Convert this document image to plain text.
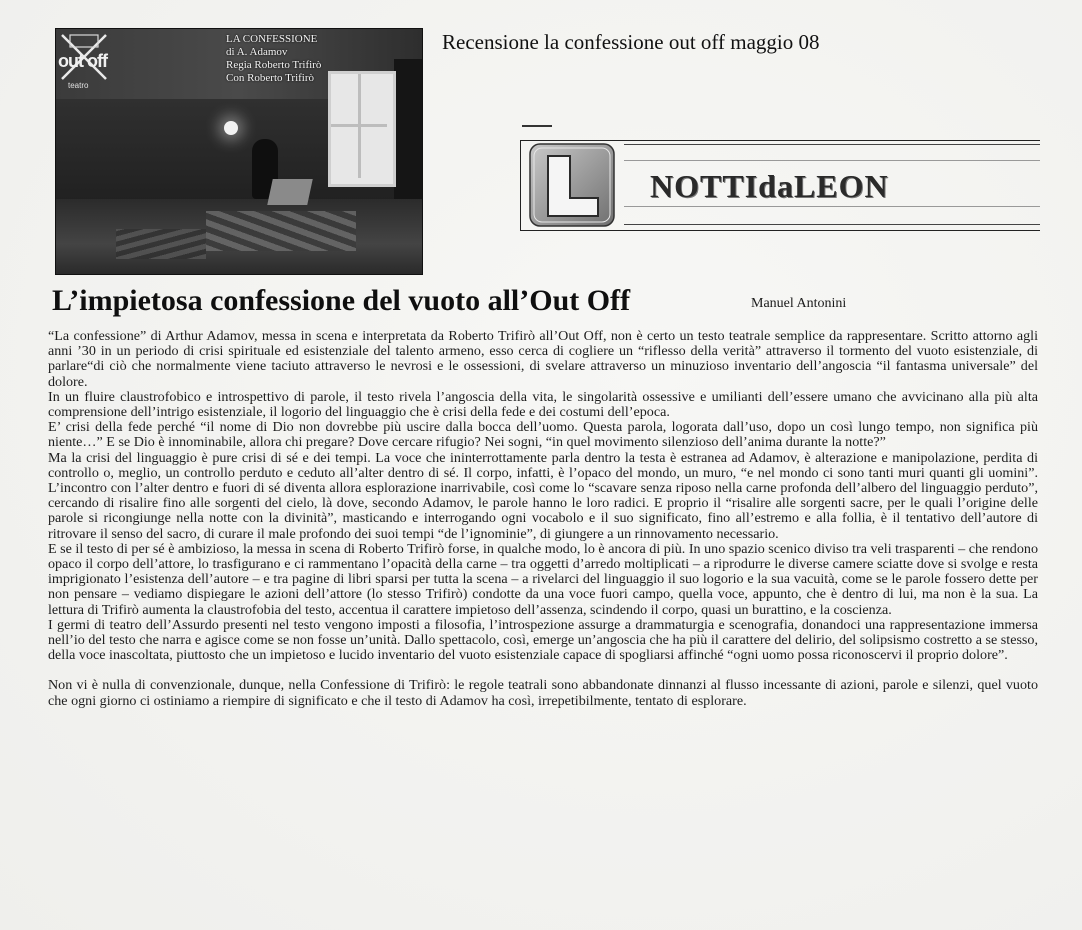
out off
teatro
LA CONFESSIONE
di A. Adamov
Regia Roberto Trifirò
Con Roberto Trifirò
Recensione la confessione out off maggio 08
NOTTIdaLEON
L’impietosa confessione del vuoto all’Out Off	Manuel Antonini

“La confessione” di Arthur Adamov, messa in scena e interpretata da Roberto Trifirò all’Out Off, non è certo un testo teatrale semplice da rappresentare. Scritto attorno agli anni ’30 in un periodo di crisi spirituale ed esistenziale del talento armeno, esso cerca di cogliere un “riflesso della verità” attraverso il tormento del vuoto esistenziale, di parlare“di ciò che normalmente viene taciuto attraverso le nevrosi e le ossessioni, di svelare attraverso un minuzioso inventario dell’angoscia “il fantasma universale” del dolore.

In un fluire claustrofobico e introspettivo di parole, il testo rivela l’angoscia della vita, le singolarità ossessive e umilianti dell’essere umano che avvicinano alla più alta comprensione dell’intrigo esistenziale, il logorio del linguaggio che è crisi della fede e dei costumi dell’epoca.

E’ crisi della fede perché “il nome di Dio non dovrebbe più uscire dalla bocca dell’uomo. Questa parola, logorata dall’uso, dopo un così lungo tempo, non significa più niente…” E se Dio è innominabile, allora chi pregare? Dove cercare rifugio? Nei sogni, “in quel movimento silenzioso dell’anima durante la notte?”

Ma la crisi del linguaggio è pure crisi di sé e dei tempi. La voce che ininterrottamente parla dentro la testa è estranea ad Adamov, è alterazione e manipolazione, perdita di controllo o, meglio, un controllo perduto e ceduto all’alter dentro di sé. Il corpo, infatti, è l’opaco del mondo, un muro, “e nel mondo ci sono tanti muri quanti gli uomini”. L’incontro con l’alter dentro e fuori di sé diventa allora esplorazione inarrivabile, così come lo “scavare senza riposo nella carne profonda dell’albero del linguaggio perduto”, cercando di risalire fino alle sorgenti del cielo, là dove, secondo Adamov, le parole hanno le loro radici. E proprio il “risalire alle sorgenti sacre, per le quali l’origine delle parole si ricongiunge nella notte con la divinità”, masticando e interrogando ogni vocabolo e il suo significato, fino all’estremo e alla follia, è il tentativo dell’autore di ritrovare il senso del sacro, di curare il male profondo dei suoi tempi “de l’ignominie”, di giungere a un rinnovamento necessario.

E se il testo di per sé è ambizioso, la messa in scena di Roberto Trifirò forse, in qualche modo, lo è ancora di più. In uno spazio scenico diviso tra veli trasparenti – che rendono opaco il corpo dell’attore, lo trasfigurano e ci rammentano l’opacità della carne – tra oggetti d’arredo moltiplicati – a riprodurre le diverse camere sciatte dove si svolge e resta imprigionato l’esistenza dell’autore – e tra pagine di libri sparsi per tutta la scena – a rivelarci del linguaggio il suo logorio e la sua vacuità, come se le parole fossero dette per non pensare – vediamo dispiegare le azioni dell’attore (lo stesso Trifirò) condotte da una voce fuori campo, quella voce, appunto, che è dentro di lui, ma non è la sua. La lettura di Trifirò aumenta la claustrofobia del testo, accentua il carattere impietoso dell’assenza, scindendo il corpo, quasi un burattino, e la coscienza.

I germi di teatro dell’Assurdo presenti nel testo vengono imposti a filosofia, l’introspezione assurge a drammaturgia e scenografia, donandoci una rappresentazione immersa nell’io del testo che narra e agisce come se non fosse un’unità. Dallo spettacolo, così, emerge un’angoscia che ha più il carattere del delirio, del solipsismo costretto a se stesso, della voce inascoltata, piuttosto che un impietoso e lucido inventario del vuoto esistenziale capace di spogliarsi affinché “ogni uomo possa riconoscervi il proprio dolore”.

Non vi è nulla di convenzionale, dunque, nella Confessione di Trifirò: le regole teatrali sono abbandonate dinnanzi al flusso incessante di azioni, parole e silenzi, quel vuoto che ogni giorno ci ostiniamo a riempire di significato e che il testo di Adamov ha così, irrepetibilmente, tentato di esplorare.
